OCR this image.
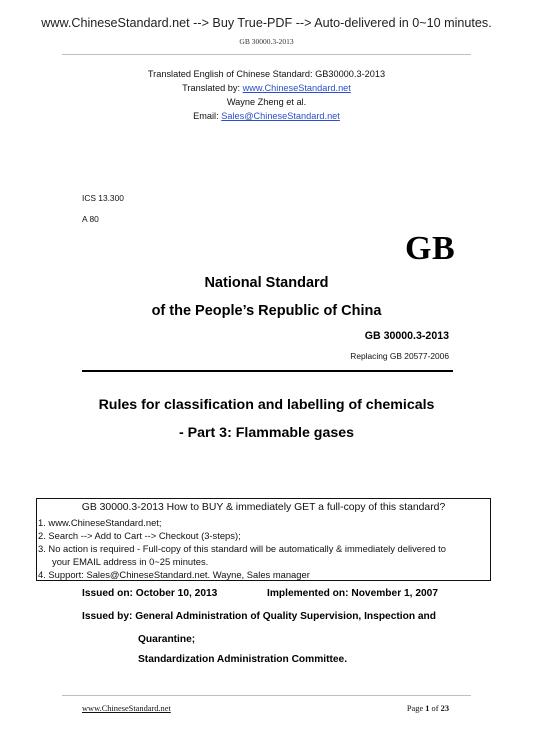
www.ChineseStandard.net --> Buy True-PDF --> Auto-delivered in 0~10 minutes.
GB 30000.3-2013
Translated English of Chinese Standard: GB30000.3-2013
Translated by: www.ChineseStandard.net
Wayne Zheng et al.
Email: Sales@ChineseStandard.net
ICS 13.300
A 80
GB
National Standard
of the People’s Republic of China
GB 30000.3-2013
Replacing GB 20577-2006
Rules for classification and labelling of chemicals
- Part 3: Flammable gases
GB 30000.3-2013 How to BUY & immediately GET a full-copy of this standard?
1. www.ChineseStandard.net;
2. Search --> Add to Cart --> Checkout (3-steps);
3. No action is required - Full-copy of this standard will be automatically & immediately delivered to
your EMAIL address in 0~25 minutes.
4. Support: Sales@ChineseStandard.net. Wayne, Sales manager
Issued on: October 10, 2013	Implemented on: November 1, 2007
Issued by: General Administration of Quality Supervision, Inspection and
Quarantine;
Standardization Administration Committee.
www.ChineseStandard.net	Page 1 of 23
